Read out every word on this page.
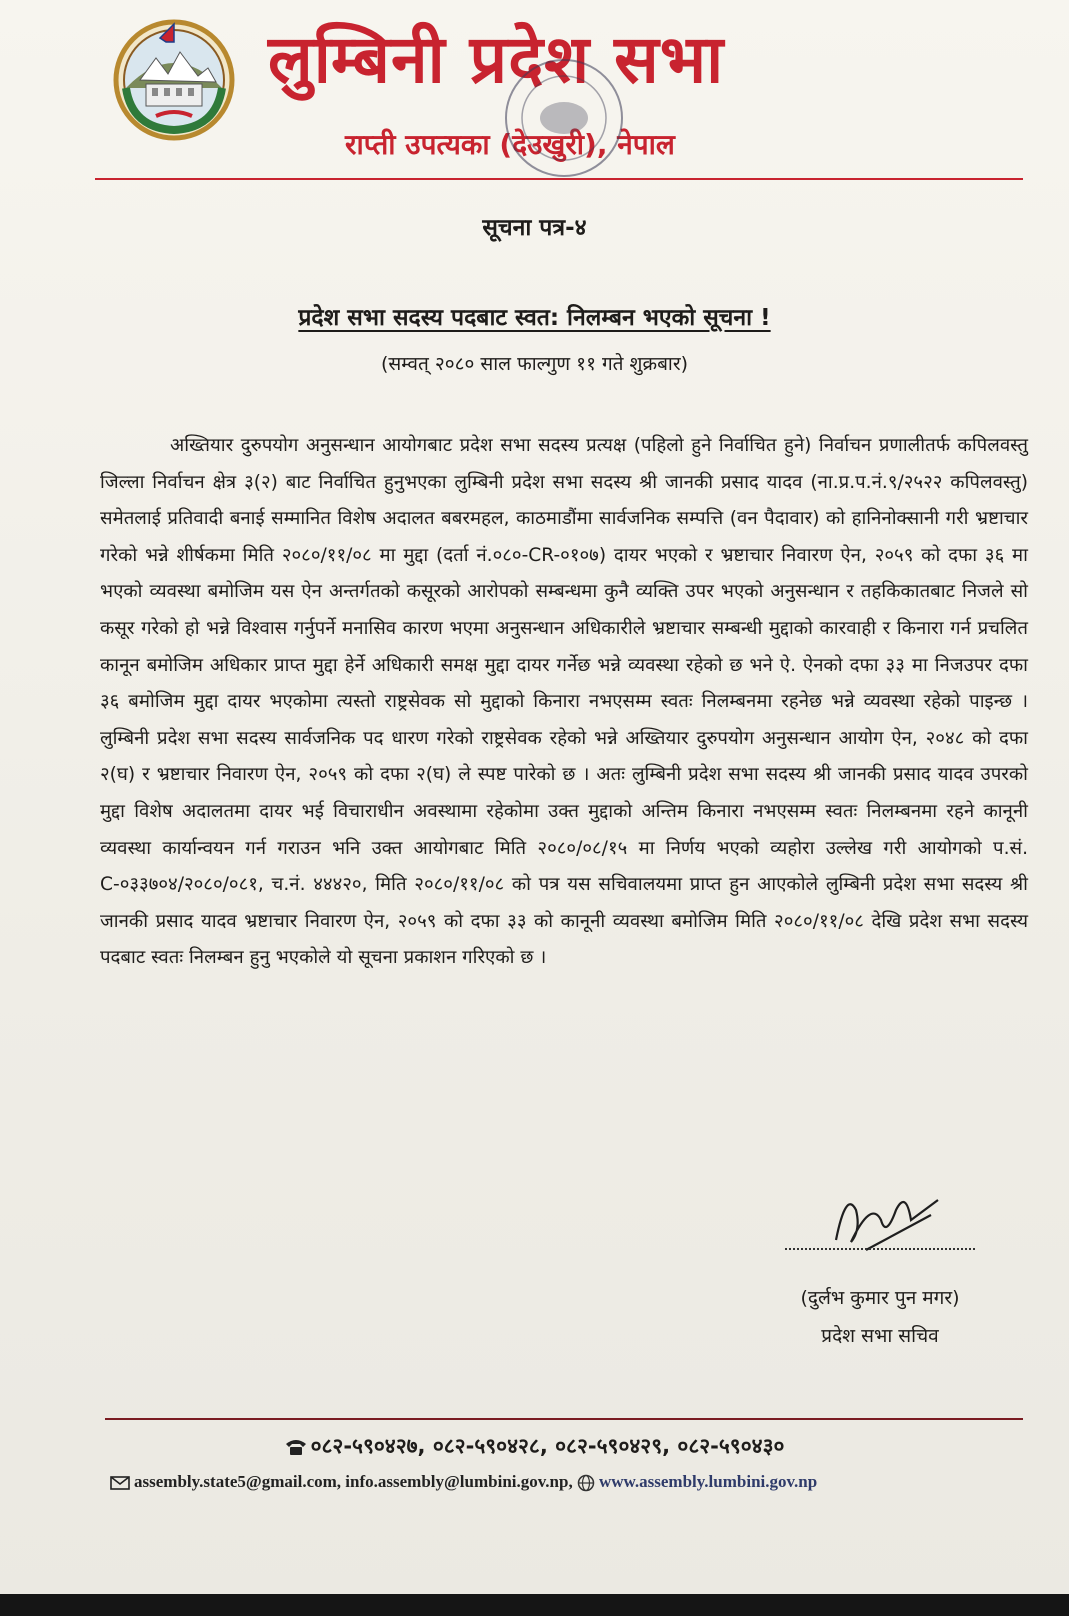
लुम्बिनी प्रदेश सभा
राप्ती उपत्यका (देउखुरी), नेपाल
सूचना पत्र-४
प्रदेश सभा सदस्य पदबाट स्वत: निलम्बन भएको सूचना !
(सम्वत् २०८० साल फाल्गुण ११ गते शुक्रबार)
अख्तियार दुरुपयोग अनुसन्धान आयोगबाट प्रदेश सभा सदस्य प्रत्यक्ष (पहिलो हुने निर्वाचित हुने) निर्वाचन प्रणालीतर्फ कपिलवस्तु जिल्ला निर्वाचन क्षेत्र ३(२) बाट निर्वाचित हुनुभएका लुम्बिनी प्रदेश सभा सदस्य श्री जानकी प्रसाद यादव (ना.प्र.प.नं.९/२५२२ कपिलवस्तु) समेतलाई प्रतिवादी बनाई सम्मानित विशेष अदालत बबरमहल, काठमाडौंमा सार्वजनिक सम्पत्ति (वन पैदावार) को हानिनोक्सानी गरी भ्रष्टाचार गरेको भन्ने शीर्षकमा मिति २०८०/११/०८ मा मुद्दा (दर्ता नं.०८०-CR-०१०७) दायर भएको र भ्रष्टाचार निवारण ऐन, २०५९ को दफा ३६ मा भएको व्यवस्था बमोजिम यस ऐन अन्तर्गतको कसूरको आरोपको सम्बन्धमा कुनै व्यक्ति उपर भएको अनुसन्धान र तहकिकातबाट निजले सो कसूर गरेको हो भन्ने विश्वास गर्नुपर्ने मनासिव कारण भएमा अनुसन्धान अधिकारीले भ्रष्टाचार सम्बन्धी मुद्दाको कारवाही र किनारा गर्न प्रचलित कानून बमोजिम अधिकार प्राप्त मुद्दा हेर्ने अधिकारी समक्ष मुद्दा दायर गर्नेछ भन्ने व्यवस्था रहेको छ भने ऐ. ऐनको दफा ३३ मा निजउपर दफा ३६ बमोजिम मुद्दा दायर भएकोमा त्यस्तो राष्ट्रसेवक सो मुद्दाको किनारा नभएसम्म स्वतः निलम्बनमा रहनेछ भन्ने व्यवस्था रहेको पाइन्छ । लुम्बिनी प्रदेश सभा सदस्य सार्वजनिक पद धारण गरेको राष्ट्रसेवक रहेको भन्ने अख्तियार दुरुपयोग अनुसन्धान आयोग ऐन, २०४८ को दफा २(घ) र भ्रष्टाचार निवारण ऐन, २०५९ को दफा २(घ) ले स्पष्ट पारेको छ । अतः लुम्बिनी प्रदेश सभा सदस्य श्री जानकी प्रसाद यादव उपरको मुद्दा विशेष अदालतमा दायर भई विचाराधीन अवस्थामा रहेकोमा उक्त मुद्दाको अन्तिम किनारा नभएसम्म स्वतः निलम्बनमा रहने कानूनी व्यवस्था कार्यान्वयन गर्न गराउन भनि उक्त आयोगबाट मिति २०८०/०८/१५ मा निर्णय भएको व्यहोरा उल्लेख गरी आयोगको प.सं. C-०३३७०४/२०८०/०८१, च.नं. ४४४२०, मिति २०८०/११/०८ को पत्र यस सचिवालयमा प्राप्त हुन आएकोले लुम्बिनी प्रदेश सभा सदस्य श्री जानकी प्रसाद यादव भ्रष्टाचार निवारण ऐन, २०५९ को दफा ३३ को कानूनी व्यवस्था बमोजिम मिति २०८०/११/०८ देखि प्रदेश सभा सदस्य पदबाट स्वतः निलम्बन हुनु भएकोले यो सूचना प्रकाशन गरिएको छ ।
(दुर्लभ कुमार पुन मगर)
प्रदेश सभा सचिव
०८२-५९०४२७, ०८२-५९०४२८, ०८२-५९०४२९, ०८२-५९०४३०
assembly.state5@gmail.com, info.assembly@lumbini.gov.np, www.assembly.lumbini.gov.np
